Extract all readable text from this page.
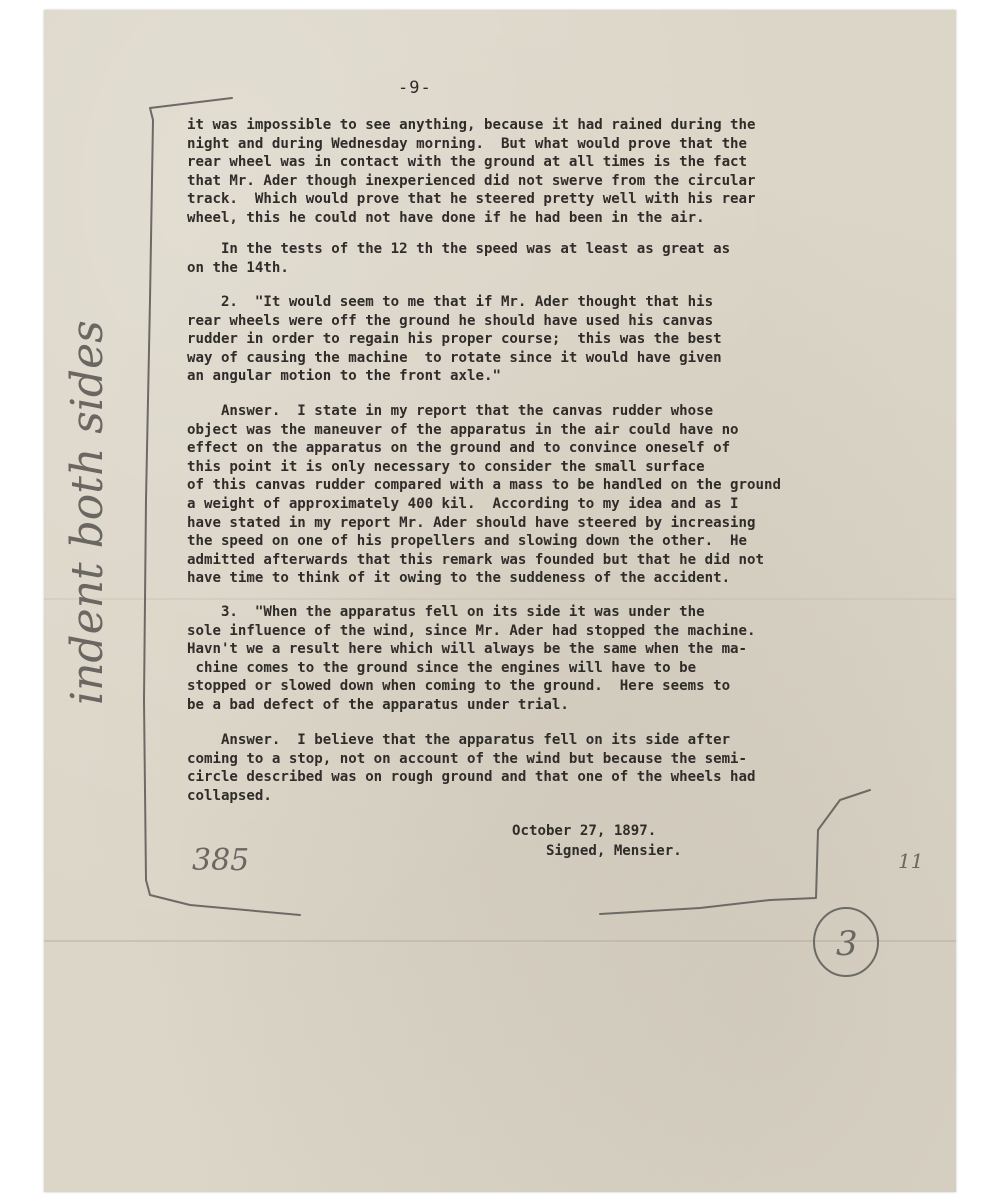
-9-
it was impossible to see anything, because it had rained during the
night and during Wednesday morning.  But what would prove that the
rear wheel was in contact with the ground at all times is the fact
that Mr. Ader though inexperienced did not swerve from the circular
track.  Which would prove that he steered pretty well with his rear
wheel, this he could not have done if he had been in the air.
In the tests of the 12 th the speed was at least as great as
on the 14th.
2.  "It would seem to me that if Mr. Ader thought that his
rear wheels were off the ground he should have used his canvas
rudder in order to regain his proper course;  this was the best
way of causing the machine  to rotate since it would have given
an angular motion to the front axle."
Answer.  I state in my report that the canvas rudder whose
object was the maneuver of the apparatus in the air could have no
effect on the apparatus on the ground and to convince oneself of
this point it is only necessary to consider the small surface
of this canvas rudder compared with a mass to be handled on the ground
a weight of approximately 400 kil.  According to my idea and as I
have stated in my report Mr. Ader should have steered by increasing
the speed on one of his propellers and slowing down the other.  He
admitted afterwards that this remark was founded but that he did not
have time to think of it owing to the suddeness of the accident.
3.  "When the apparatus fell on its side it was under the
sole influence of the wind, since Mr. Ader had stopped the machine.
Havn't we a result here which will always be the same when the ma-
chine comes to the ground since the engines will have to be
stopped or slowed down when coming to the ground.  Here seems to
be a bad defect of the apparatus under trial.
Answer.  I believe that the apparatus fell on its side after
coming to a stop, not on account of the wind but because the semi-
circle described was on rough ground and that one of the wheels had
collapsed.
October 27, 1897.
Signed, Mensier.
indent both sides
385
3
11
